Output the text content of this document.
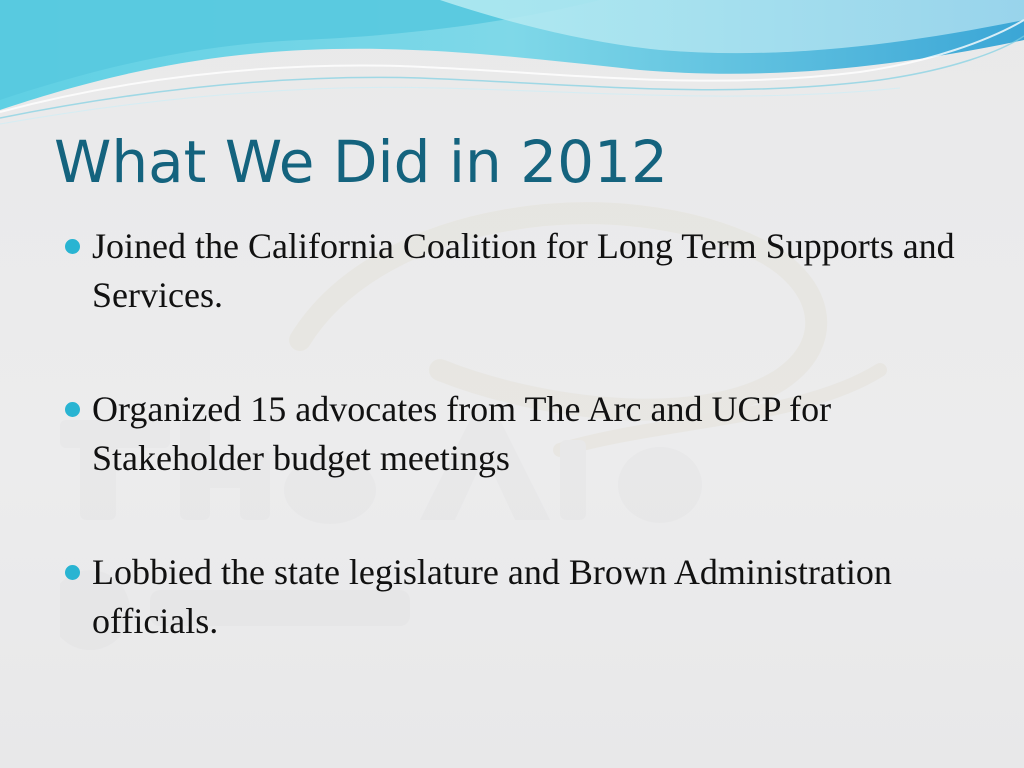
What We Did in 2012
Joined the California Coalition for Long Term Supports and Services.
Organized 15 advocates from The Arc and UCP for Stakeholder budget meetings
Lobbied the state legislature and Brown Administration officials.
